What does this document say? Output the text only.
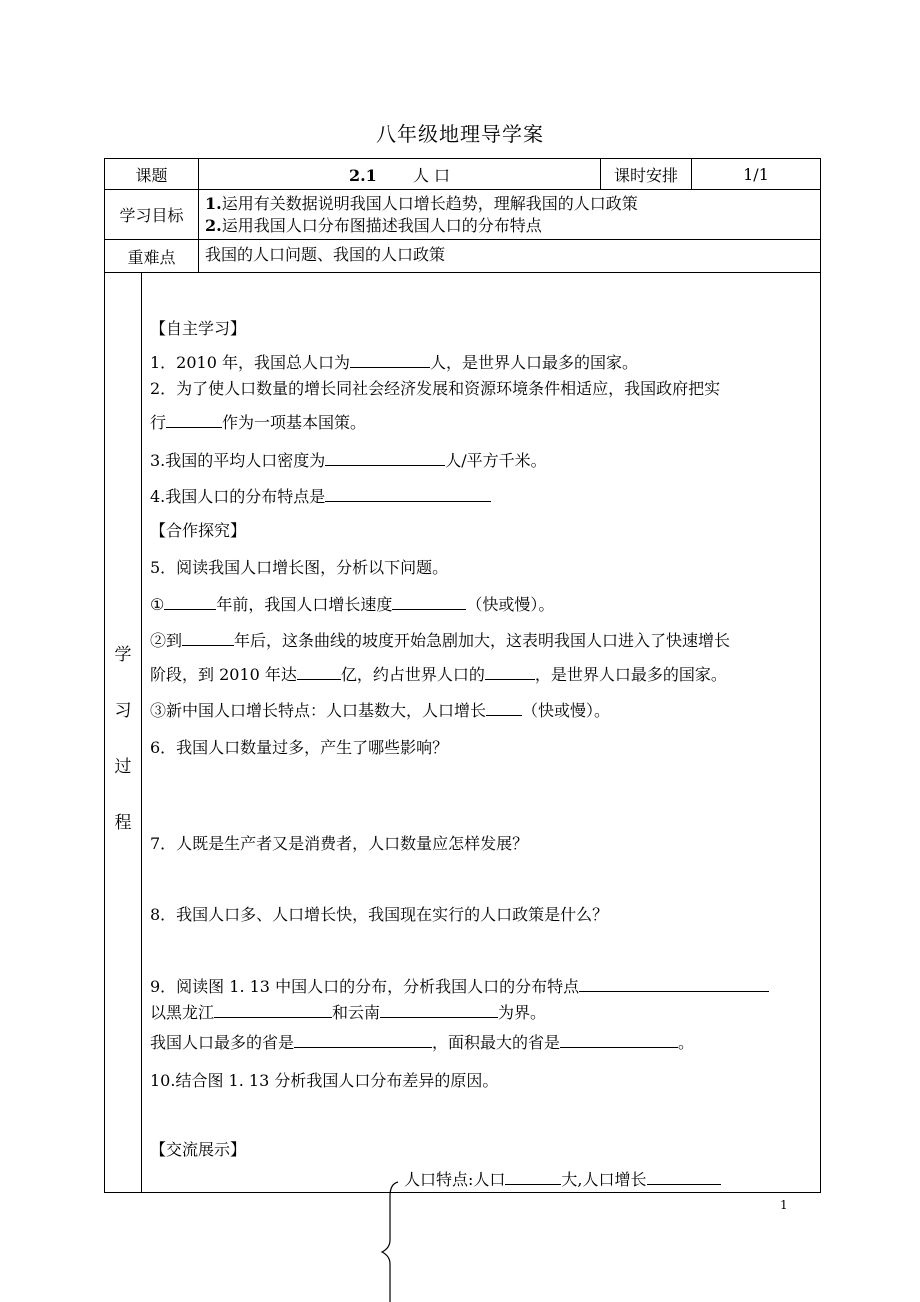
八年级地理导学案
课题	2.1 人 口	课时安排	1/1
学习目标	1.运用有关数据说明我国人口增长趋势，理解我国的人口政策
2.运用我国人口分布图描述我国人口的分布特点		

重难点	我国的人口问题、我国的人口政策		
学
习
过
程
【自主学习】
1．2010 年，我国总人口为	人，是世界人口最多的国家。
2．为了使人口数量的增长同社会经济发展和资源环境条件相适应，我国政府把实
行	作为一项基本国策。
3.我国的平均人口密度为	人/平方千米。
4.我国人口的分布特点是
【合作探究】
5．阅读我国人口增长图，分析以下问题。
①	年前，我国人口增长速度	（快或慢）。
②到	年后，这条曲线的坡度开始急剧加大，这表明我国人口进入了快速增长
阶段，到 2010 年达	亿，约占世界人口的	，是世界人口最多的国家。
③新中国人口增长特点：人口基数大，人口增长 （快或慢）。
6．我国人口数量过多，产生了哪些影响？
7．人既是生产者又是消费者，人口数量应怎样发展？
8．我国人口多、人口增长快，我国现在实行的人口政策是什么？
9．阅读图 1. 13 中国人口的分布，分析我国人口的分布特点
以黑龙江	和云南	为界。
我国人口最多的省是	，面积最大的省是	。
10.结合图 1. 13 分析我国人口分布差异的原因。
【交流展示】
人口特点:人口	大,人口增长
1
